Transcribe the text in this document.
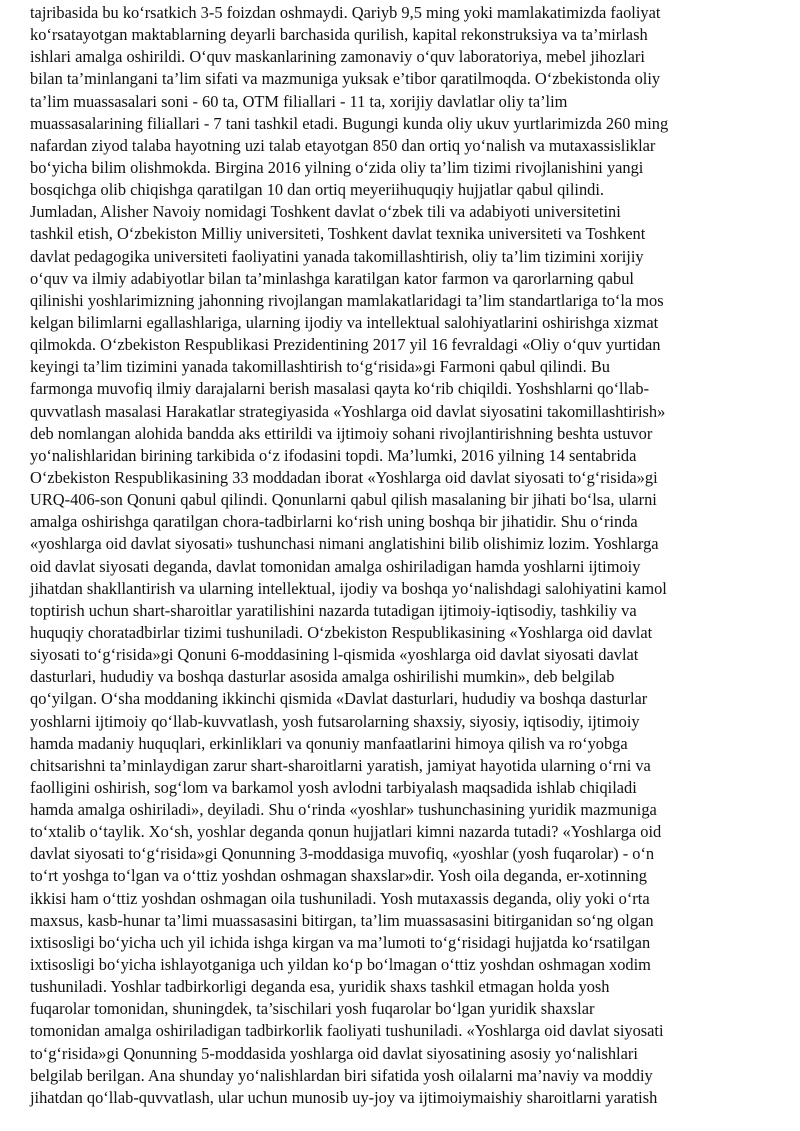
tajribasida bu ko‘rsatkich 3-5 foizdan oshmaydi. Qariyb 9,5 ming yoki mamlakatimizda faoliyat
ko‘rsatayotgan maktablarning deyarli barchasida qurilish, kapital rekonstruksiya va ta’mirlash
ishlari amalga oshirildi. O‘quv maskanlarining zamonaviy o‘quv laboratoriya, mebel jihozlari
bilan ta’minlangani ta’lim sifati va mazmuniga yuksak e’tibor qaratilmoqda. O‘zbekistonda oliy
ta’lim muassasalari soni - 60 ta, OTM filiallari - 11 ta, xorijiy davlatlar oliy ta’lim
muassasalarining filiallari - 7 tani tashkil etadi. Bugungi kunda oliy ukuv yurtlarimizda 260 ming
nafardan ziyod talaba hayotning uzi talab etayotgan 850 dan ortiq yo‘nalish va mutaxassisliklar
bo‘yicha bilim olishmokda. Birgina 2016 yilning o‘zida oliy ta’lim tizimi rivojlanishini yangi
bosqichga olib chiqishga qaratilgan 10 dan ortiq meyeriihuquqiy hujjatlar qabul qilindi.
Jumladan, Alisher Navoiy nomidagi Toshkent davlat o‘zbek tili va adabiyoti universitetini
tashkil etish, O‘zbekiston Milliy universiteti, Toshkent davlat texnika universiteti va Toshkent
davlat pedagogika universiteti faoliyatini yanada takomillashtirish, oliy ta’lim tizimini xorijiy
o‘quv va ilmiy adabiyotlar bilan ta’minlashga karatilgan kator farmon va qarorlarning qabul
qilinishi yoshlarimizning jahonning rivojlangan mamlakatlaridagi ta’lim standartlariga to‘la mos
kelgan bilimlarni egallashlariga, ularning ijodiy va intellektual salohiyatlarini oshirishga xizmat
qilmokda. O‘zbekiston Respublikasi Prezidentining 2017 yil 16 fevraldagi «Oliy o‘quv yurtidan
keyingi ta’lim tizimini yanada takomillashtirish to‘g‘risida»gi Farmoni qabul qilindi. Bu
farmonga muvofiq ilmiy darajalarni berish masalasi qayta ko‘rib chiqildi. Yoshshlarni qo‘llab-
quvvatlash masalasi Harakatlar strategiyasida «Yoshlarga oid davlat siyosatini takomillashtirish»
deb nomlangan alohida bandda aks ettirildi va ijtimoiy sohani rivojlantirishning beshta ustuvor
yo‘nalishlaridan birining tarkibida o‘z ifodasini topdi. Ma’lumki, 2016 yilning 14 sentabrida
O‘zbekiston Respublikasining 33 moddadan iborat «Yoshlarga oid davlat siyosati to‘g‘risida»gi
URQ-406-son Qonuni qabul qilindi. Qonunlarni qabul qilish masalaning bir jihati bo‘lsa, ularni
amalga oshirishga qaratilgan chora-tadbirlarni ko‘rish uning boshqa bir jihatidir. Shu o‘rinda
«yoshlarga oid davlat siyosati» tushunchasi nimani anglatishini bilib olishimiz lozim. Yoshlarga
oid davlat siyosati deganda, davlat tomonidan amalga oshiriladigan hamda yoshlarni ijtimoiy
jihatdan shakllantirish va ularning intellektual, ijodiy va boshqa yo‘nalishdagi salohiyatini kamol
toptirish uchun shart-sharoitlar yaratilishini nazarda tutadigan ijtimoiy-iqtisodiy, tashkiliy va
huquqiy choratadbirlar tizimi tushuniladi. O‘zbekiston Respublikasining «Yoshlarga oid davlat
siyosati to‘g‘risida»gi Qonuni 6-moddasining l-qismida «yoshlarga oid davlat siyosati davlat
dasturlari, hududiy va boshqa dasturlar asosida amalga oshirilishi mumkin», deb belgilab
qo‘yilgan. O‘sha moddaning ikkinchi qismida «Davlat dasturlari, hududiy va boshqa dasturlar
yoshlarni ijtimoiy qo‘llab-kuvvatlash, yosh futsarolarning shaxsiy, siyosiy, iqtisodiy, ijtimoiy
hamda madaniy huquqlari, erkinliklari va qonuniy manfaatlarini himoya qilish va ro‘yobga
chitsarishni ta’minlaydigan zarur shart-sharoitlarni yaratish, jamiyat hayotida ularning o‘rni va
faolligini oshirish, sog‘lom va barkamol yosh avlodni tarbiyalash maqsadida ishlab chiqiladi
hamda amalga oshiriladi», deyiladi. Shu o‘rinda «yoshlar» tushunchasining yuridik mazmuniga
to‘xtalib o‘taylik. Xo‘sh, yoshlar deganda qonun hujjatlari kimni nazarda tutadi? «Yoshlarga oid
davlat siyosati to‘g‘risida»gi Qonunning 3-moddasiga muvofiq, «yoshlar (yosh fuqarolar) - o‘n
to‘rt yoshga to‘lgan va o‘ttiz yoshdan oshmagan shaxslar»dir. Yosh oila deganda, er-xotinning
ikkisi ham o‘ttiz yoshdan oshmagan oila tushuniladi. Yosh mutaxassis deganda, oliy yoki o‘rta
maxsus, kasb-hunar ta’limi muassasasini bitirgan, ta’lim muassasasini bitirganidan so‘ng olgan
ixtisosligi bo‘yicha uch yil ichida ishga kirgan va ma’lumoti to‘g‘risidagi hujjatda ko‘rsatilgan
ixtisosligi bo‘yicha ishlayotganiga uch yildan ko‘p bo‘lmagan o‘ttiz yoshdan oshmagan xodim
tushuniladi. Yoshlar tadbirkorligi deganda esa, yuridik shaxs tashkil etmagan holda yosh
fuqarolar tomonidan, shuningdek, ta’sischilari yosh fuqarolar bo‘lgan yuridik shaxslar
tomonidan amalga oshiriladigan tadbirkorlik faoliyati tushuniladi. «Yoshlarga oid davlat siyosati
to‘g‘risida»gi Qonunning 5-moddasida yoshlarga oid davlat siyosatining asosiy yo‘nalishlari
belgilab berilgan. Ana shunday yo‘nalishlardan biri sifatida yosh oilalarni ma’naviy va moddiy
jihatdan qo‘llab-quvvatlash, ular uchun munosib uy-joy va ijtimoiymaishiy sharoitlarni yaratish
